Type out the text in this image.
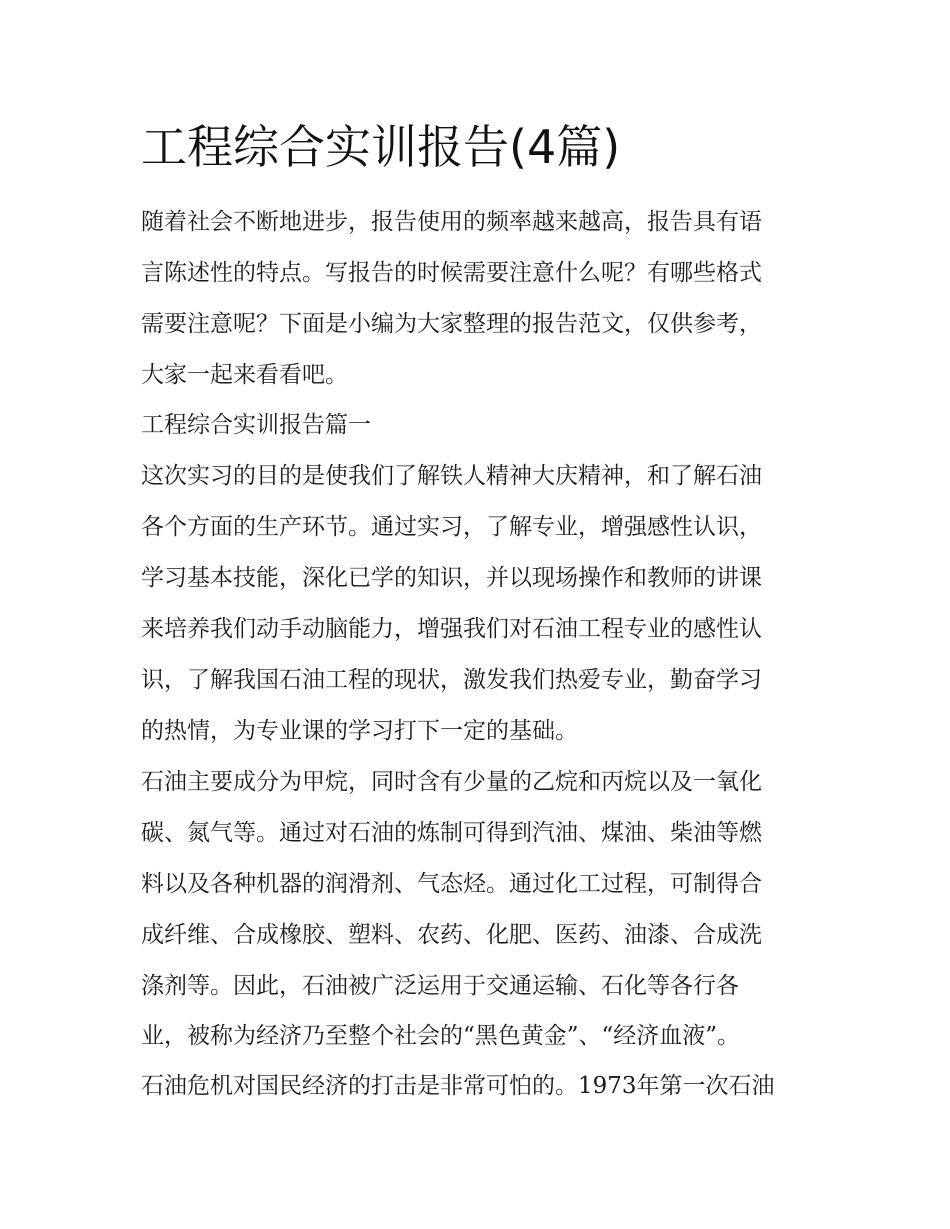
工程综合实训报告(4篇)

随着社会不断地进步，报告使用的频率越来越高，报告具有语

言陈述性的特点。写报告的时候需要注意什么呢？有哪些格式

需要注意呢？下面是小编为大家整理的报告范文，仅供参考，

大家一起来看看吧。

工程综合实训报告篇一

这次实习的目的是使我们了解铁人精神大庆精神，和了解石油

各个方面的生产环节。通过实习，了解专业，增强感性认识，

学习基本技能，深化已学的知识，并以现场操作和教师的讲课

来培养我们动手动脑能力，增强我们对石油工程专业的感性认

识，了解我国石油工程的现状，激发我们热爱专业，勤奋学习

的热情，为专业课的学习打下一定的基础。

石油主要成分为甲烷，同时含有少量的乙烷和丙烷以及一氧化

碳、氮气等。通过对石油的炼制可得到汽油、煤油、柴油等燃

料以及各种机器的润滑剂、气态烃。通过化工过程，可制得合

成纤维、合成橡胶、塑料、农药、化肥、医药、油漆、合成洗

涤剂等。因此，石油被广泛运用于交通运输、石化等各行各

业，被称为经济乃至整个社会的“黑色黄金”、“经济血液”。

石油危机对国民经济的打击是非常可怕的。1973年第一次石油
